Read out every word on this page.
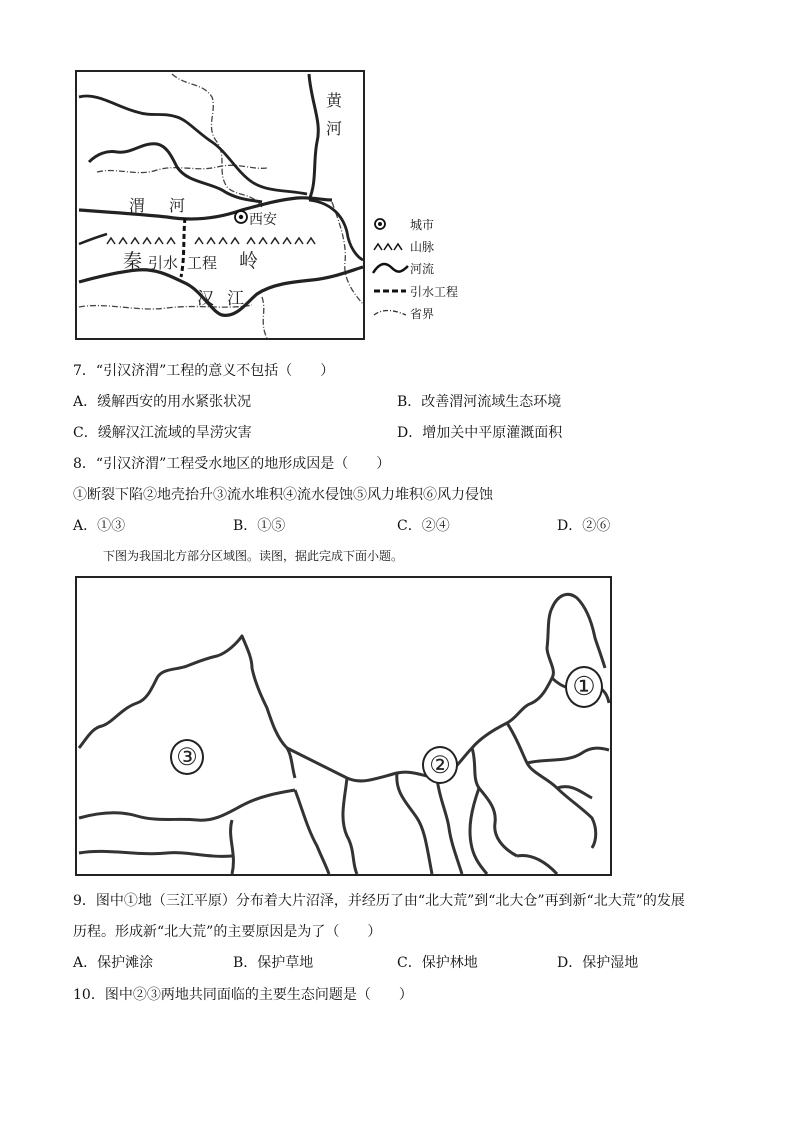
黄
河
渭 河
西安
秦 引水 工程 岭
汉 江
城市
山脉
河流
引水工程
省界
7．“引汉济渭”工程的意义不包括（　　）
A．缓解西安的用水紧张状况	B．改善渭河流域生态环境
C．缓解汉江流域的旱涝灾害	D．增加关中平原灌溉面积
8．“引汉济渭”工程受水地区的地形成因是（　　）
①断裂下陷②地壳抬升③流水堆积④流水侵蚀⑤风力堆积⑥风力侵蚀
A．①③	B．①⑤	C．②④	D．②⑥
下图为我国北方部分区域图。读图，据此完成下面小题。
①
②
③
9．图中①地（三江平原）分布着大片沼泽，并经历了由“北大荒”到“北大仓”再到新“北大荒”的发展
历程。形成新“北大荒”的主要原因是为了（　　）
A．保护滩涂	B．保护草地	C．保护林地	D．保护湿地
10．图中②③两地共同面临的主要生态问题是（　　）
